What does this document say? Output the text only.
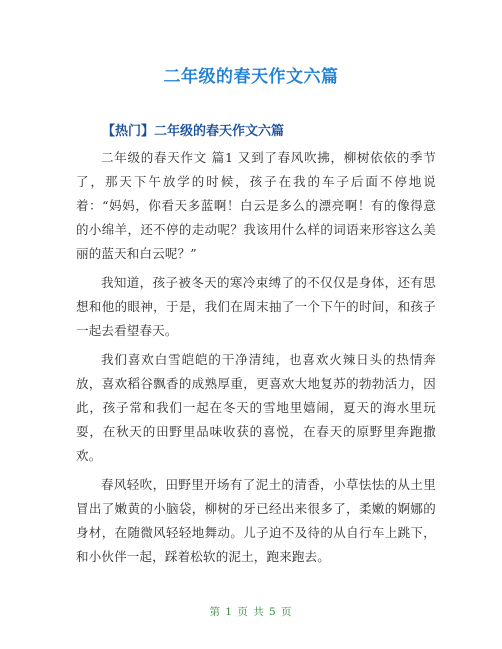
二年级的春天作文六篇
【热门】二年级的春天作文六篇

二年级的春天作文 篇1 又到了春风吹拂，柳树依依的季节了，那天下午放学的时候，孩子在我的车子后面不停地说着：“妈妈，你看天多蓝啊！白云是多么的漂亮啊！有的像得意的小绵羊，还不停的走动呢？我该用什么样的词语来形容这么美丽的蓝天和白云呢？”

我知道，孩子被冬天的寒冷束缚了的不仅仅是身体，还有思想和他的眼神，于是，我们在周末抽了一个下午的时间，和孩子一起去看望春天。

我们喜欢白雪皑皑的干净清纯，也喜欢火辣日头的热情奔放，喜欢稻谷飘香的成熟厚重，更喜欢大地复苏的勃勃活力，因此，孩子常和我们一起在冬天的雪地里嬉闹，夏天的海水里玩耍，在秋天的田野里品味收获的喜悦，在春天的原野里奔跑撒欢。

春风轻吹，田野里开场有了泥土的清香，小草怯怯的从土里冒出了嫩黄的小脑袋，柳树的牙已经出来很多了，柔嫩的婀娜的身材，在随微风轻轻地舞动。儿子迫不及待的从自行车上跳下，和小伙伴一起，踩着松软的泥土，跑来跑去。

第 1 页 共 5 页
